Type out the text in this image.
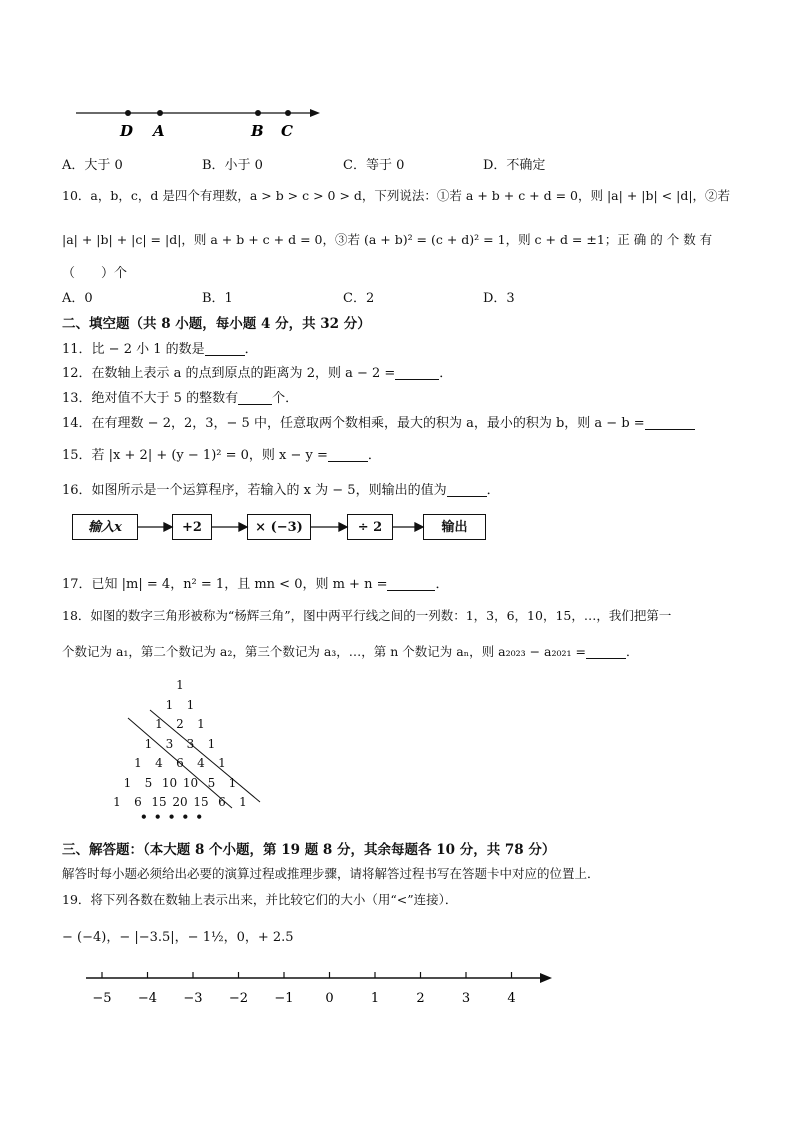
D A	B C
A．大于 0	B．小于 0	C．等于 0	D．不确定
10．a，b，c，d 是四个有理数，a > b > c > 0 > d，下列说法：①若 a + b + c + d = 0，则 |a| + |b| < |d|，②若
|a| + |b| + |c| = |d|，则 a + b + c + d = 0，③若 (a + b)² = (c + d)² = 1，则 c + d = ±1；正 确 的 个 数 有
（　　）个
A．0	B．1	C．2	D．3
二、填空题（共 8 小题，每小题 4 分，共 32 分）
11．比 − 2 小 1 的数是	．
12．在数轴上表示 a 的点到原点的距离为 2，则 a − 2 =	．
13．绝对值不大于 5 的整数有	个．
14．在有理数 − 2，2，3，− 5 中，任意取两个数相乘，最大的积为 a，最小的积为 b，则 a − b =
15．若 |x + 2| + (y − 1)² = 0，则 x − y =	．
16．如图所示是一个运算程序，若输入的 x 为 − 5，则输出的值为	．
输入x	+2	× (−3)	÷ 2	输出
17．已知 |m| = 4，n² = 1，且 mn < 0，则 m + n =	．
18．如图的数字三角形被称为“杨辉三角”，图中两平行线之间的一列数：1，3，6，10，15，…，我们把第一
个数记为 a₁，第二个数记为 a₂，第三个数记为 a₃，…，第 n 个数记为 aₙ，则 a₂₀₂₃ − a₂₀₂₁ =	．
1
1	1
1	2	1
1	3	3	1
1	4	6	4	1
1	5 10 10 5	1
1	6 15 20 15 6	1
• • • • •
三、解答题：（本大题 8 个小题，第 19 题 8 分，其余每题各 10 分，共 78 分）
解答时每小题必须给出必要的演算过程或推理步骤，请将解答过程书写在答题卡中对应的位置上．
19．将下列各数在数轴上表示出来，并比较它们的大小（用“<”连接）．
− (−4)，− |−3.5|，− 1½，0，+ 2.5
−5 −4 −3 −2 −1 0	1	2	3	4
